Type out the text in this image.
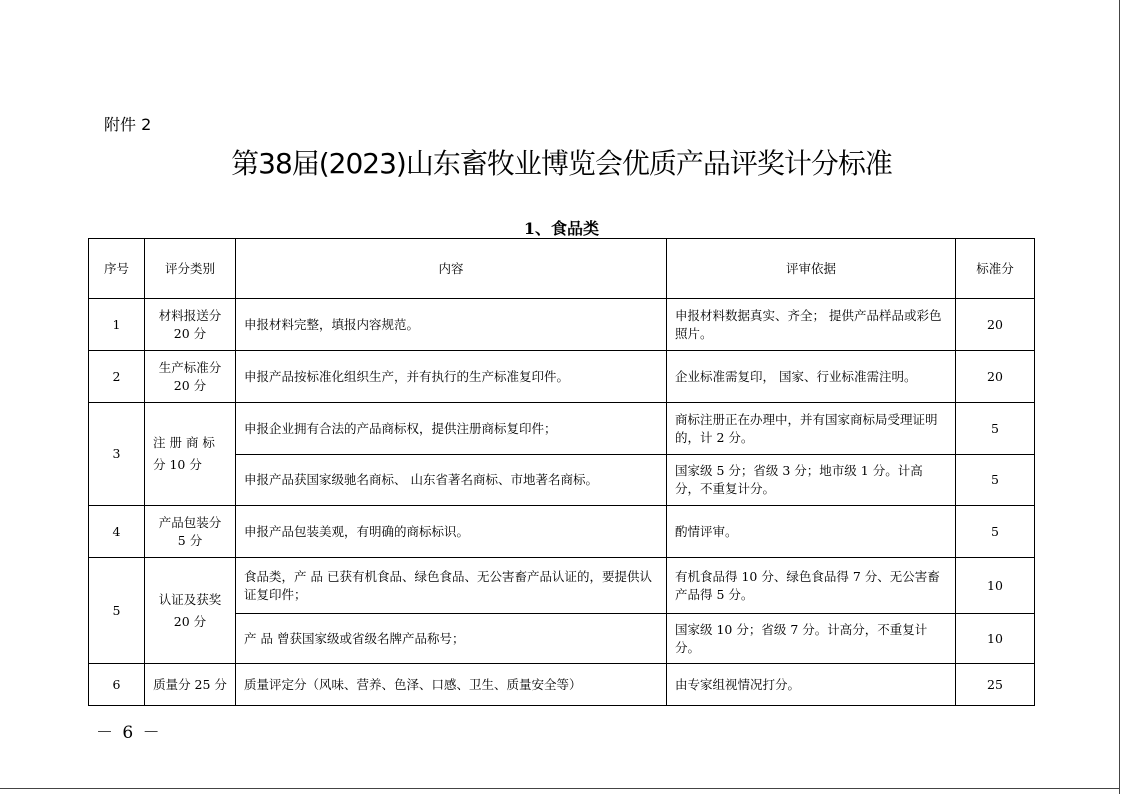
附件 2
第38届(2023)山东畜牧业博览会优质产品评奖计分标准
1、食品类
序号	评分类别	内容	评审依据	标准分
1	材料报送分 20 分	申报材料完整，填报内容规范。	申报材料数据真实、齐全； 提供产品样品或彩色照片。	20
2	生产标准分 20 分	申报产品按标准化组织生产，并有执行的生产标准复印件。	企业标准需复印， 国家、行业标准需注明。	20
3	注 册 商 标分 10 分	申报企业拥有合法的产品商标权，提供注册商标复印件；	商标注册正在办理中，并有国家商标局受理证明的，计 2 分。	5
		申报产品获国家级驰名商标、 山东省著名商标、市地著名商标。	国家级 5 分；省级 3 分；地市级 1 分。计高分，不重复计分。	5
4	产品包装分 5 分	申报产品包装美观，有明确的商标标识。	酌情评审。	5
5	认证及获奖 20 分	食品类，产 品 已获有机食品、绿色食品、无公害畜产品认证的，要提供认证复印件；	有机食品得 10 分、绿色食品得 7 分、无公害畜产品得 5 分。	10
		产 品 曾获国家级或省级名牌产品称号；	国家级 10 分；省级 7 分。计高分，不重复计分。	10
6	质量分 25 分	质量评定分（风味、营养、色泽、口感、卫生、质量安全等）	由专家组视情况打分。	25
－ 6 －
